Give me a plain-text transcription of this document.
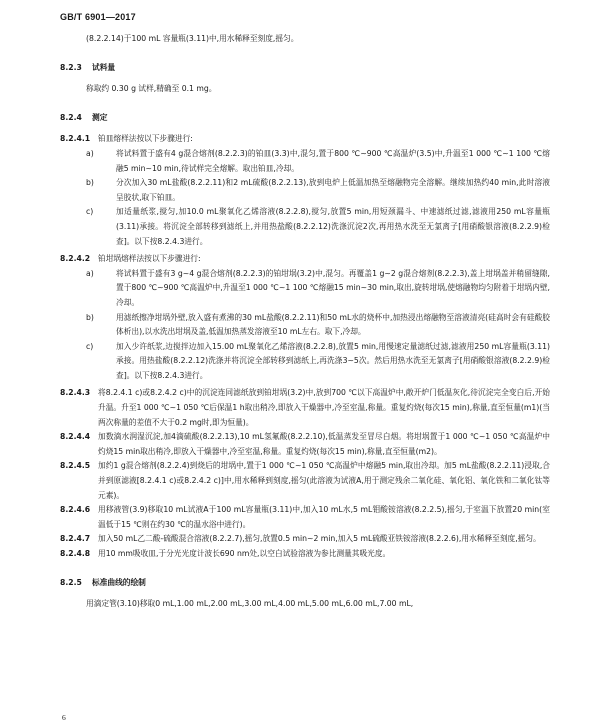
GB/T 6901—2017

(8.2.2.14)于100 mL 容量瓶(3.11)中,用水稀释至刻度,摇匀。

8.2.3	试料量

称取约 0.30 g 试样,精确至 0.1 mg。

8.2.4	测定
8.2.4.1	铂皿熔样法按以下步骤进行:
a)	将试料置于盛有4 g混合熔剂(8.2.2.3)的铂皿(3.3)中,混匀,置于800 ℃~900 ℃高温炉(3.5)中,升温至1 000 ℃~1 100 ℃熔融5 min~10 min,待试样完全熔解。取出铂皿,冷却。
b)	分次加入30 mL盐酸(8.2.2.11)和2 mL硫酸(8.2.2.13),放到电炉上低温加热至熔融物完全溶解。继续加热约40 min,此时溶液呈胶状,取下铂皿。
c)	加适量纸浆,搅匀,加10.0 mL聚氧化乙烯溶液(8.2.2.8),搅匀,放置5 min,用短颈漏斗、中速滤纸过滤,滤液用250 mL容量瓶(3.11)承接。将沉淀全部转移到滤纸上,并用热盐酸(8.2.2.12)洗涤沉淀2次,再用热水洗至无氯离子[用硝酸银溶液(8.2.2.9)检查]。以下按8.2.4.3进行。
8.2.4.2	铂坩埚熔样法按以下步骤进行:
a)	将试料置于盛有3 g~4 g混合熔剂(8.2.2.3)的铂坩埚(3.2)中,混匀。再覆盖1 g~2 g混合熔剂(8.2.2.3),盖上坩埚盖并稍留缝隙,置于800 ℃~900 ℃高温炉中,升温至1 000 ℃~1 100 ℃熔融15 min~30 min,取出,旋转坩埚,使熔融物均匀附着于坩埚内壁,冷却。
b)	用滤纸擦净坩埚外壁,放入盛有煮沸的30 mL盐酸(8.2.2.11)和50 mL水的烧杯中,加热浸出熔融物至溶液清亮(硅高时会有硅酸胶体析出),以水洗出坩埚及盖,低温加热蒸发溶液至10 mL左右。取下,冷却。
c)	加入少许纸浆,边搅拌边加入15.00 mL聚氧化乙烯溶液(8.2.2.8),放置5 min,用慢速定量滤纸过滤,滤液用250 mL容量瓶(3.11)承接。用热盐酸(8.2.2.12)洗涤并将沉淀全部转移到滤纸上,再洗涤3~5次。然后用热水洗至无氯离子[用硝酸银溶液(8.2.2.9)检查]。以下按8.2.4.3进行。
8.2.4.3	将8.2.4.1 c)或8.2.4.2 c)中的沉淀连同滤纸放到铂坩埚(3.2)中,放到700 ℃以下高温炉中,敞开炉门低温灰化,待沉淀完全变白后,开始升温。升至1 000 ℃~1 050 ℃后保温1 h取出稍冷,即放入干燥器中,冷至室温,称量。重复灼烧(每次15 min),称量,直至恒量(m1)(当两次称量的差值不大于0.2 mg时,即为恒量)。
8.2.4.4	加数滴水润湿沉淀,加4滴硫酸(8.2.2.13),10 mL氢氟酸(8.2.2.10),低温蒸发至冒尽白烟。将坩埚置于1 000 ℃~1 050 ℃高温炉中灼烧15 min取出稍冷,即放入干燥器中,冷至室温,称量。重复灼烧(每次15 min),称量,直至恒量(m2)。
8.2.4.5	加约1 g混合熔剂(8.2.2.4)到烧后的坩埚中,置于1 000 ℃~1 050 ℃高温炉中熔融5 min,取出冷却。加5 mL盐酸(8.2.2.11)浸取,合并到原滤液[8.2.4.1 c)或8.2.4.2 c)]中,用水稀释到刻度,摇匀(此溶液为试液A,用于测定残余二氧化硅、氧化铝、氧化铁和二氧化钛等元素)。
8.2.4.6	用移液管(3.9)移取10 mL试液A于100 mL容量瓶(3.11)中,加入10 mL水,5 mL钼酸铵溶液(8.2.2.5),摇匀,于室温下放置20 min(室温低于15 ℃则在约30 ℃的温水浴中进行)。
8.2.4.7	加入50 mL乙二酸-硫酸混合溶液(8.2.2.7),摇匀,放置0.5 min~2 min,加入5 mL硫酸亚铁铵溶液(8.2.2.6),用水稀释至刻度,摇匀。
8.2.4.8	用10 mm吸收皿,于分光光度计波长690 nm处,以空白试验溶液为参比测量其吸光度。
8.2.5	标准曲线的绘制

用滴定管(3.10)移取0 mL,1.00 mL,2.00 mL,3.00 mL,4.00 mL,5.00 mL,6.00 mL,7.00 mL,

6
